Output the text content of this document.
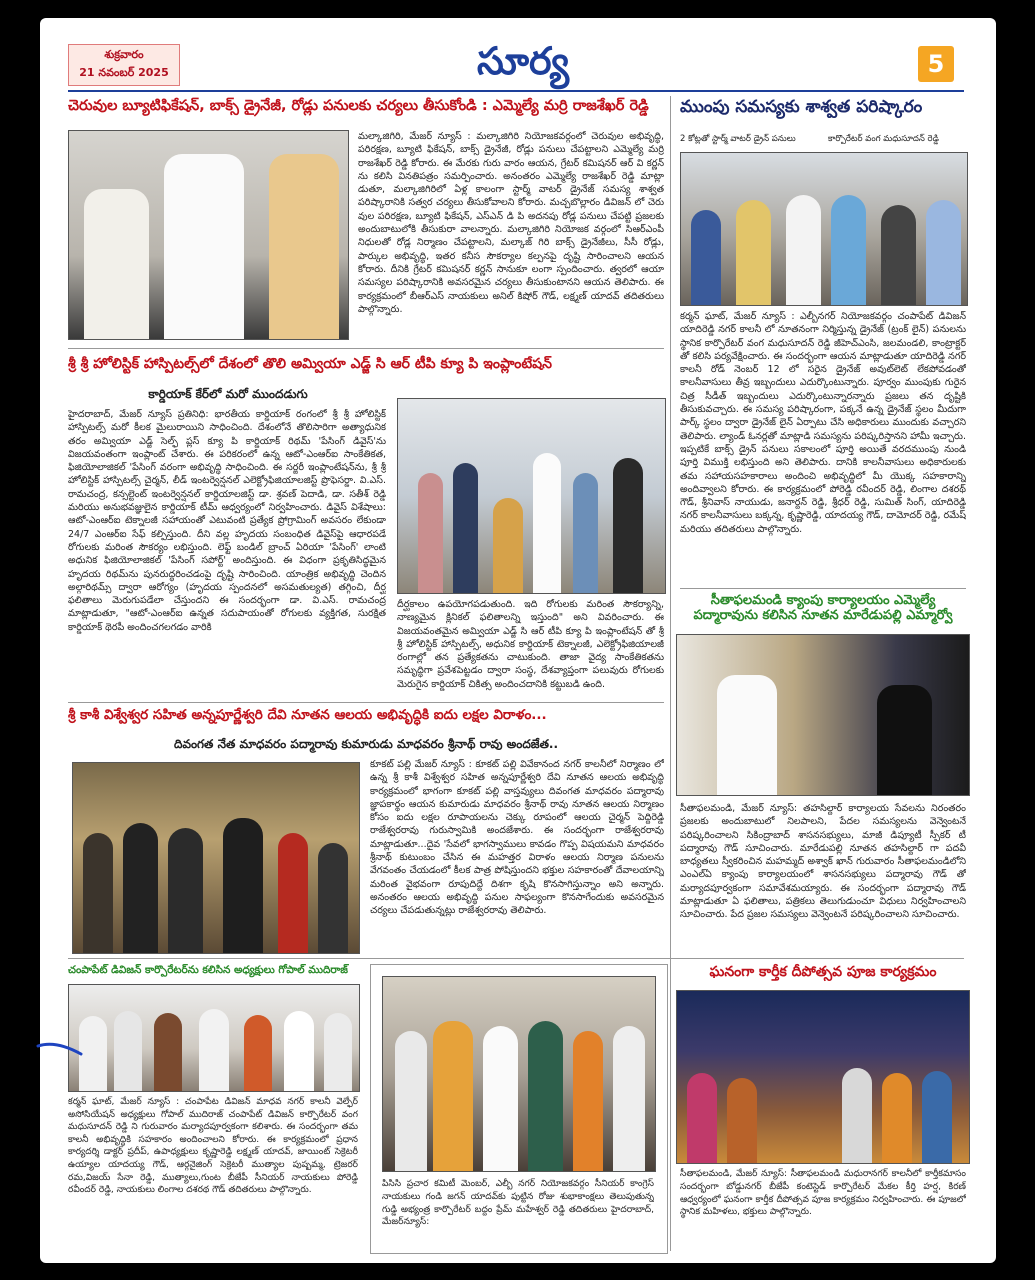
శుక్రవారం
21 నవంబర్ 2025	సూర్య	5
చెరువుల బ్యూటిఫికేషన్, బాక్స్ డ్రైనేజీ, రోడ్లు పనులకు చర్యలు తీసుకోండి : ఎమ్మెల్యే మర్రి రాజశేఖర్ రెడ్డి
మల్కాజిగిరి, మేజర్ న్యూస్ : మల్కాజిగిరి నియోజకవర్గంలో చెరువుల అభివృద్ధి, పరిరక్షణ, బ్యూటి ఫికేషన్, బాక్స్ డ్రైనేజీ, రోడ్లు పనులు చేపట్టాలని ఎమ్మెల్యే మర్రి రాజశేఖర్ రెడ్డి కోరారు. ఈ మేరకు గురు వారం ఆయన, గ్రేటర్ కమిషనర్ ఆర్ వి కర్ణన్ ను కలిసి వినతిపత్రం సమర్పించారు. అనంతరం ఎమ్మెల్యే రాజశేఖర్ రెడ్డి మాట్లా డుతూ, మల్కాజిగిరిలో ఏళ్ల కాలంగా స్టార్మ్ వాటర్ డ్రైనేజ్ సమస్య శాశ్వత పరిష్కారానికి సత్వర చర్యలు తీసుకోవాలని కోరారు. మచ్చబొల్లారం డివిజన్ లో చెరు వుల పరిరక్షణ, బ్యూటి ఫికేషన్, ఎస్ఎన్ డి పి అదనపు రోడ్ల పనులు చేపట్టి ప్రజలకు అందుబాటులోకి తీసుకురా వాలన్నారు. మల్కాజిగిరి నియోజక వర్గంలో సిఆర్ఎంపీ నిధులతో రోడ్ల నిర్మాణం చేపట్టాలని, మల్కాజ్ గిరి బాక్స్ డ్రైనేజీలు, సీసీ రోడ్లు, పార్కుల అభివృద్ధి, ఇతర కనీస సౌకర్యాల కల్పనపై దృష్టి సారించాలని ఆయన కోరారు. దీనికి గ్రేటర్ కమిషనర్ కర్ణన్ సానుకూ లంగా స్పందించారు. త్వరలో ఆయా సమస్యల పరిష్కారానికి అవసరమైన చర్యలు తీసుకుంటానని ఆయన తెలిపారు. ఈ కార్యక్రమంలో బీఆర్ఎస్ నాయకులు అనిల్ కిషోర్ గౌడ్, లక్ష్మణ్ యాదవ్ తదితరులు పాల్గొన్నారు.
ముంపు సమస్యకు శాశ్వత పరిష్కారం
2 కోట్లతో స్టార్మ్ వాటర్ డ్రైన్ పనులు	కార్పొరేటర్ వంగ మధుసూదన్ రెడ్డి
కర్మన్ ఘాట్, మేజర్ న్యూస్ : ఎల్బీనగర్ నియోజకవర్గం చంపాపేట్ డివిజన్ యాదిరెడ్డి నగర్ కాలనీ లో నూతనంగా నిర్మిస్తున్న డ్రైనేజ్ (ట్రంక్ లైన్) పనులను స్థానిక కార్పొరేటర్ వంగ మధుసూదన్ రెడ్డి జీహెచ్ఎంసి, జలమండలి, కాంట్రాక్టర్ తో కలిసి పర్యవేక్షించారు. ఈ సందర్భంగా ఆయన మాట్లాడుతూ యాదిరెడ్డి నగర్ కాలనీ రోడ్ నెంబర్ 12 లో సరైన డ్రైనేజ్ అవుట్‌లెట్ లేకపోవడంతో కాలనీవాసులు తీవ్ర ఇబ్బందులు ఎదుర్కొంటున్నారు. పూర్వం ముంపుకు గురైన చిత్ర సీడీత్ ఇబ్బందులు ఎదుర్కొంటున్నారన్నారు ప్రజలు తన దృష్టికి తీసుకువచ్చారు. ఈ సమస్య పరిష్కారంగా, పక్కనే ఉన్న డ్రైనేజ్ స్థలం మీదుగా పార్క్ స్థలం ద్వారా డ్రైనేజ్ లైన్ ఏర్పాటు చేసి అధికారులు ముందుకు వచ్చారని తెలిపారు. ల్యాండ్ ఓనర్లతో మాట్లాడి సమస్యను పరిష్కరిస్తానని హామీ ఇచ్చారు. ఇప్పటికే బాక్స్ డ్రైన్ పనులు సకాలంలో పూర్తి అయితే వరదముంపు నుండి పూర్తి విముక్తి లభిస్తుంది అని తెలిపారు. దానికి కాలనీవాసులు అధికారులకు తమ సహాయసహకారాలు అందించి అభివృద్ధిలో మీ యొక్క సహకారాన్ని అందివ్వాలని కోరారు. ఈ కార్యక్రమంలో పోరెడ్డి రవీందర్ రెడ్డి, లింగాల దశరథ్ గౌడ్, శ్రీనివాస్ నాయుడు, జనార్దన్ రెడ్డి, శ్రీధర్ రెడ్డి, సుమిత్ సింగ్, యాదిరెడ్డి నగర్ కాలనీవాసులు బక్కన్న, కృష్ణారెడ్డి, యాదయ్య గౌడ్, దామోదర్ రెడ్డి, రమేష్ మరియు తదితరులు పాల్గొన్నారు.
శ్రీ శ్రీ హోలిస్టిక్ హాస్పిటల్స్‌లో దేశంలో తొలి అమ్వియా ఎడ్జ్ సి ఆర్ టీపి క్యూ పి ఇంప్లాంటేషన్
కార్డియాక్ కేర్‌లో మరో ముందడుగు
హైదరాబాద్, మేజర్ న్యూస్ ప్రతినిధి: భారతీయ కార్డియాక్ రంగంలో శ్రీ శ్రీ హోలిస్టిక్ హాస్పిటల్స్ మరో కీలక మైలురాయిని సాధించింది. దేశంలోనే తొలిసారిగా అత్యాధునిక తరం అమ్వియా ఎడ్జ్ సెల్ఫ్ ప్లస్ క్యూ పి కార్డియాక్ రిథమ్ 'పేసింగ్ డివైస్'ను విజయవంతంగా ఇంప్లాంట్ చేశారు. ఈ పరికరంలో ఉన్న ఆటో-ఎంఆర్ఐ సాంకేతికత, ఫిజియోలాజికల్ 'పేసింగ్ వరంగా అభివృద్ధి సాధించింది. ఈ సర్జరీ ఇంప్లాంటేషన్‌ను, శ్రీ శ్రీ హోలిస్టిక్ హాస్పిటల్స్ చైర్మన్, లీడ్ ఇంటర్వెన్షనల్ ఎలెక్ట్రోఫిజియాలజిస్ట్ ప్రొఫెసర్డా. వి.ఎస్. రామచంద్ర, కన్సల్టెంట్ ఇంటర్వెన్షనల్ కార్డియాలజిస్ట్ డా. శ్రవణ్ పెదాడి, డా. సతీశ్ రెడ్డి మరియు అనుభవజ్ఞులైన కార్డియాక్ టీమ్ ఆధ్వర్యంలో నిర్వహించారు. డివైస్ విశేషాలు: ఆటో-ఎంఆర్ఐ టెక్నాలజీ సహాయంతో ఎటువంటి ప్రత్యేక ప్రోగ్రామింగ్ అవసరం లేకుండా 24/7 ఎంఆర్ఐ సేఫ్ కల్పిస్తుంది. దీని వల్ల హృదయ సంబంధిత డివైస్‌పై ఆధారపడే రోగులకు మరింత సౌకర్యం లభిస్తుంది. లెఫ్ట్ బండిల్ బ్రాంచ్ ఏరియా 'పేసింగ్' లాంటి అధునిక ఫిజియోలాజికల్ 'పేసింగ్ సపోర్ట్' అందిస్తుంది. ఈ విధంగా ప్రకృతిసిద్ధమైన హృదయ రిథమ్‌ను పునరుద్ధరించడంపై దృష్టి సారించింది. యాంత్రిక అభివృద్ధి చెందిన అల్గారిథమ్స్ ద్వారా ఆరోగ్యం (హృదయ స్పందనలో అసమతుల్యత) తగ్గించి, దీర్ఘ ఫలితాలు మెరుగుపడేలా చేస్తుందని ఈ సందర్భంగా డా. వి.ఎస్. రామచంద్ర మాట్లాడుతూ, "ఆటో-ఎంఆర్ఐ ఉన్నత సదుపాయంతో రోగులకు వ్యక్తిగత, సురక్షిత కార్డియాక్ థెరపీ అందించగలగడం వారికి
దీర్ఘకాలం ఉపయోగపడుతుంది. ఇది రోగులకు మరింత సౌకర్యాన్ని, నాణ్యమైన క్లినికల్ ఫలితాలన్ని ఇస్తుంది" అని వివరించారు. ఈ విజయవంతమైన అమ్వియా ఎడ్జ్ సి ఆర్ టీపి క్యూ పి ఇంప్లాంటేషన్ తో శ్రీ శ్రీ హోలిస్టిక్ హాస్పిటల్స్, అధునిక కార్డియాక్ టెక్నాలజీ, ఎలెక్ట్రోఫిజియాలజీ రంగాల్లో తన ప్రత్యేకతను చాటుకుంది. తాజా వైద్య సాంకేతికతను సమృద్ధిగా ప్రవేశపెట్టడం ద్వారా సంస్థ, దేశవ్యాప్తంగా పలువురు రోగులకు మెరుగైన కార్డియాక్ చికిత్స అందించదానికి కట్టుబడి ఉంది.
శ్రీ కాశీ విశ్వేశ్వర సహిత అన్నపూర్ణేశ్వరి దేవి నూతన ఆలయ అభివృద్ధికి ఐదు లక్షల విరాళం...
దివంగత నేత మాధవరం పద్మారావు కుమారుడు మాధవరం శ్రీనాథ్ రావు అందజేత..
కూకట్ పల్లి మేజర్ న్యూస్ : కూకట్ పల్లి వివేకానంద నగర్ కాలనీలో నిర్మాణం లో ఉన్న శ్రీ కాశీ విశ్వేశ్వర సహిత అన్నపూర్ణేశ్వరి దేవి నూతన ఆలయ అభివృద్ధి కార్యక్రమంలో భాగంగా కూకట్ పల్లి వాస్తవ్యులు దివంగత మాధవరం పద్మారావు జ్ఞాపకార్థం ఆయన కుమారుడు మాధవరం శ్రీనాథ్ రావు నూతన ఆలయ నిర్మాణం కోసం ఐదు లక్షల రూపాయలను చెక్కు రూపంలో ఆలయ చైర్మన్ పెద్దిరెడ్డి రాజేశ్వరరావు గురుస్వామికి అందజేశారు. ఈ సందర్భంగా రాజేశ్వరరావు మాట్లాడుతూ...దైవ 'సేవలో భాగస్వాములు కావడం గొప్ప విషయమని మాధవరం శ్రీనాథ్ కుటుంబం చేసిన ఈ మహత్తర విరాళం ఆలయ నిర్మాణ పనులను వేగవంతం చేయడంలో కీలక పాత్ర పోషిస్తుందని భక్తుల సహకారంతో దేవాలయాన్ని మరింత వైభవంగా రూపుదిద్దే దిశగా కృషి కొనసాగిస్తున్నాం అని అన్నారు. అనంతరం ఆలయ అభివృద్ధి పనుల సాఫల్యంగా కొనసాగేందుకు అవసరమైన చర్యలు చేపడుతున్నట్లు రాజేశ్వరరావు తెలిపారు.
సీతాఫలమండి క్యాంపు కార్యాలయం ఎమ్మెల్యే పద్మారావును కలిసిన నూతన మారేడుపల్లి ఎమ్మార్వో
సీతాఫలమండి, మేజర్ న్యూస్: తహసిల్దార్ కార్యాలయ సేవలను నిరంతరం ప్రజలకు అందుబాటులో నిలపాలని, పేదల సమస్యలను వెన్వెంటనే పరిష్కరించాలని సికింద్రాబాద్ శాసనసభ్యులు, మాజీ డిప్యూటీ స్పీకర్ టీ పద్మారావు గౌడ్ సూచించారు. మారేడుపల్లి నూతన తహసిల్దార్ గా పదవీ బాధ్యతలు స్వీకరించిన మహమ్మద్ అశ్వాక్ ఖాన్ గురువారం సీతాఫలమండిలోని ఎంఎల్ఏ క్యాంపు కార్యాలయంలో శాసనసభ్యులు పద్మారావు గౌడ్ తో మర్యాదపూర్వకంగా సమావేశమయ్యారు. ఈ సందర్భంగా పద్మారావు గౌడ్ మాట్లాడుతూ ఏ ఫలితాలు, పత్రికలు తెలుగుడుంచూ విధులు నిర్వహించాలని సూచించారు. పేద ప్రజల సమస్యలు వెన్వెంటనే పరిష్కరించాలని సూచించారు.
చంపాపేట్ డివిజన్ కార్పొరేటర్‌ను కలిసిన అధ్యక్షులు గోపాల్ ముదిరాజ్
కర్మన్ ఘాట్, మేజర్ న్యూస్ : చంపాపేట డివిజన్ మాధవ నగర్ కాలనీ వెల్ఫేర్ అసోసియేషన్ అధ్యక్షులు గోపాల్ ముదిరాజ్ చంపాపేట్ డివిజన్ కార్పొరేటర్ వంగ మధుసూదన్ రెడ్డి ని గురువారం మర్యాదపూర్వకంగా కలిశారు. ఈ సందర్భంగా తమ కాలనీ అభివృద్ధికి సహకారం అందించాలని కోరారు. ఈ కార్యక్రమంలో ప్రధాన కార్యదర్శి డాక్టర్ ప్రదీప్, ఉపాధ్యక్షులు కృష్ణారెడ్డి లక్ష్మణ్ యాదవ్, జాయింట్ సెక్రెటరీ ఉయ్యాల యాదయ్య గౌడ్, ఆర్గనైజింగ్ సెక్రెటరీ ముత్యాల పుష్పమ్మ, ట్రెజరర్ రమ,విజయ్ సేనా రెడ్డి, ముత్యాలు,గుంట బీజేపీ సీనియర్ నాయకులు పోరెడ్డి రవీందర్ రెడ్డి, నాయకులు లింగాల దశరథ గౌడ్ తదితరులు పాల్గొన్నారు.
పిసిసి ప్రచార కమిటీ మెంబర్, ఎల్బీ నగర్ నియోజకవర్గం సీనియర్ కాంగ్రెస్ నాయకులు గండి జగన్ యాదవ్‌కు పుట్టిన రోజు శుభాకాంక్షలు తెలుపుతున్న గుడ్డి అభ్యంత్ర కార్పొరేటర్ బద్దం ప్రేమ్ మహేశ్వర్ రెడ్డి తదితరులు హైదరాబాద్, మేజర్‌న్యూస్:
ఘనంగా కార్తీక దీపోత్సవ పూజ కార్యక్రమం
సీతాఫలమండి, మేజర్ న్యూస్: సీతాఫలమండి మధురానగర్ కాలనీలో కార్తీకమాసం సందర్భంగా బోడ్డునగర్ బీజేపీ కంటెస్టెడ్ కార్పొరేటర్ మేకల కీర్తి హర్ష, కిరణ్ ఆధ్వర్యంలో ఘనంగా కార్తీక దీపోత్సవ పూజ కార్యక్రమం నిర్వహించారు. ఈ పూజలో స్థానిక మహిళలు, భక్తులు పాల్గొన్నారు.
